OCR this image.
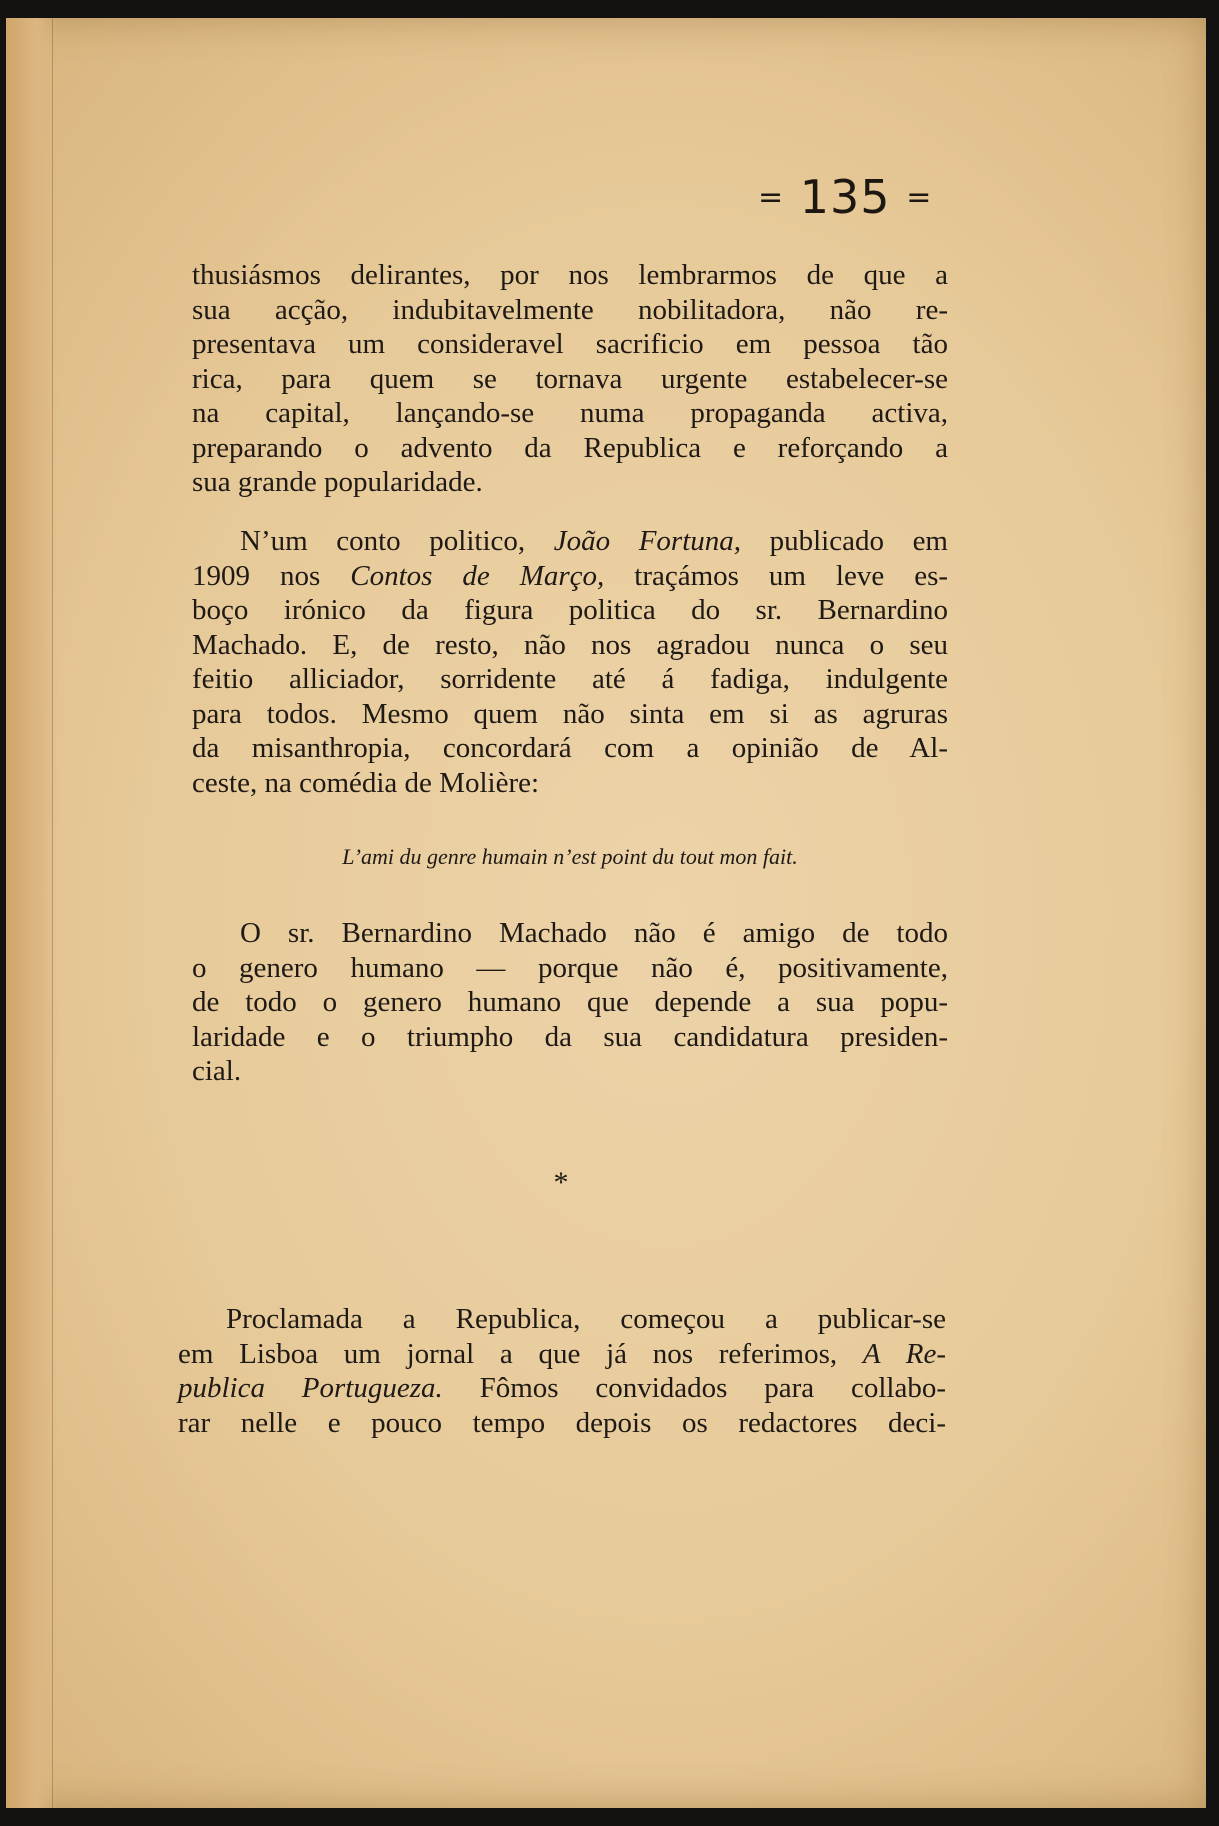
= 135 =
thusiásmos delirantes, por nos lembrarmos de que a
sua acção, indubitavelmente nobilitadora, não re-
presentava um consideravel sacrificio em pessoa tão
rica, para quem se tornava urgente estabelecer-se
na capital, lançando-se numa propaganda activa,
preparando o advento da Republica e reforçando a
sua grande popularidade.
N’um conto politico, João Fortuna, publicado em
1909 nos Contos de Março, traçámos um leve es-
boço irónico da figura politica do sr. Bernardino
Machado. E, de resto, não nos agradou nunca o seu
feitio alliciador, sorridente até á fadiga, indulgente
para todos. Mesmo quem não sinta em si as agruras
da misanthropia, concordará com a opinião de Al-
ceste, na comédia de Molière:
L’ami du genre humain n’est point du tout mon fait.
O sr. Bernardino Machado não é amigo de todo
o genero humano — porque não é, positivamente,
de todo o genero humano que depende a sua popu-
laridade e o triumpho da sua candidatura presiden-
cial.
*
Proclamada a Republica, começou a publicar-se
em Lisboa um jornal a que já nos referimos, A Re-
publica Portugueza. Fômos convidados para collabo-
rar nelle e pouco tempo depois os redactores deci-
